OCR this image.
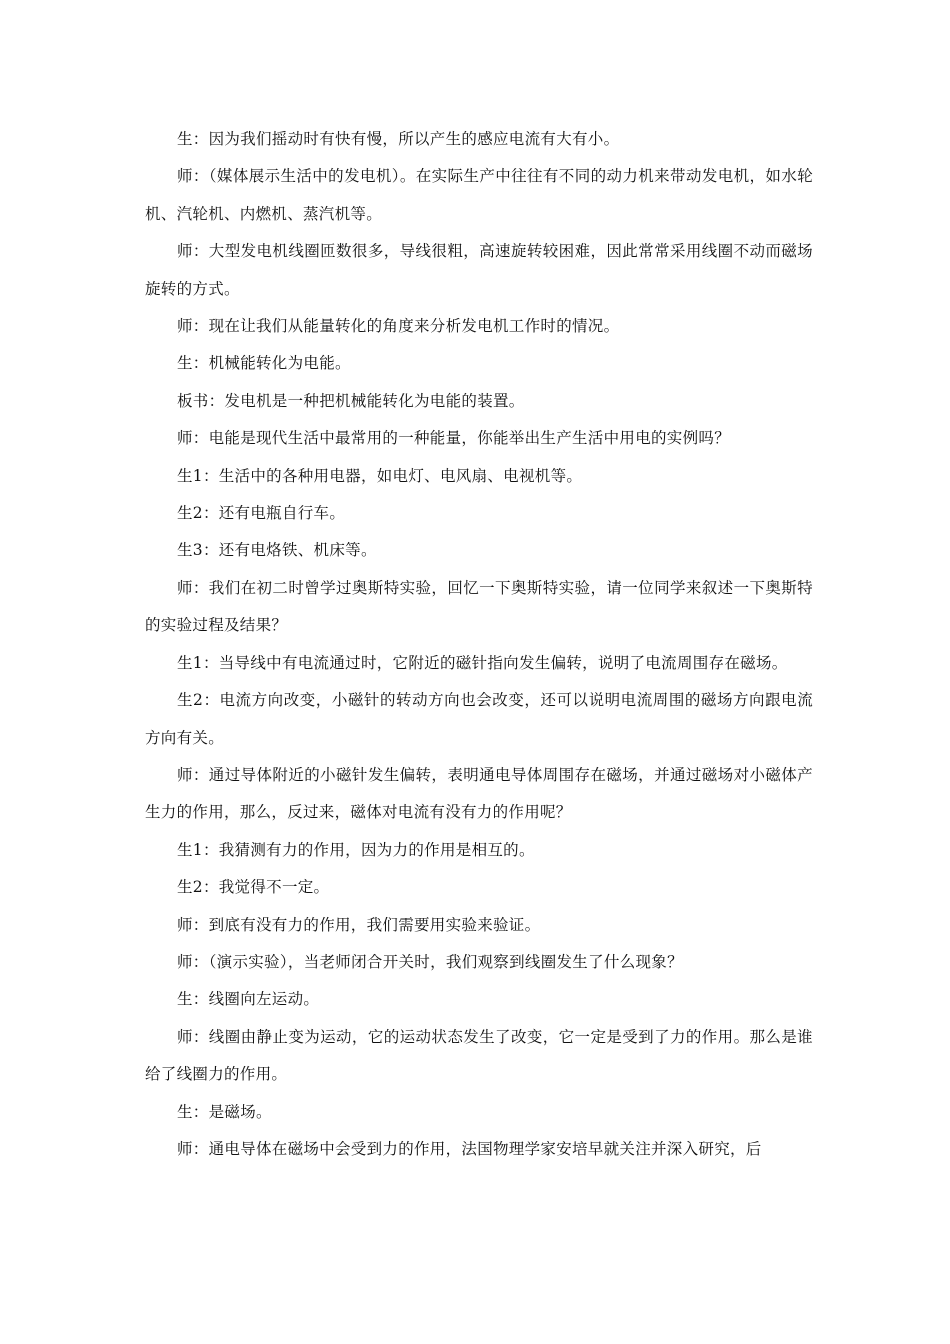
生：因为我们摇动时有快有慢，所以产生的感应电流有大有小。

师：（媒体展示生活中的发电机）。在实际生产中往往有不同的动力机来带动发电机，如水轮机、汽轮机、内燃机、蒸汽机等。

师：大型发电机线圈匝数很多，导线很粗，高速旋转较困难，因此常常采用线圈不动而磁场旋转的方式。

师：现在让我们从能量转化的角度来分析发电机工作时的情况。

生：机械能转化为电能。

板书：发电机是一种把机械能转化为电能的装置。

师：电能是现代生活中最常用的一种能量，你能举出生产生活中用电的实例吗？

生1：生活中的各种用电器，如电灯、电风扇、电视机等。

生2：还有电瓶自行车。

生3：还有电烙铁、机床等。

师：我们在初二时曾学过奥斯特实验，回忆一下奥斯特实验，请一位同学来叙述一下奥斯特的实验过程及结果？

生1：当导线中有电流通过时，它附近的磁针指向发生偏转，说明了电流周围存在磁场。

生2：电流方向改变，小磁针的转动方向也会改变，还可以说明电流周围的磁场方向跟电流方向有关。

师：通过导体附近的小磁针发生偏转，表明通电导体周围存在磁场，并通过磁场对小磁体产生力的作用，那么，反过来，磁体对电流有没有力的作用呢？

生1：我猜测有力的作用，因为力的作用是相互的。

生2：我觉得不一定。

师：到底有没有力的作用，我们需要用实验来验证。

师：（演示实验），当老师闭合开关时，我们观察到线圈发生了什么现象？

生：线圈向左运动。

师：线圈由静止变为运动，它的运动状态发生了改变，它一定是受到了力的作用。那么是谁给了线圈力的作用。

生：是磁场。

师：通电导体在磁场中会受到力的作用，法国物理学家安培早就关注并深入研究，后
